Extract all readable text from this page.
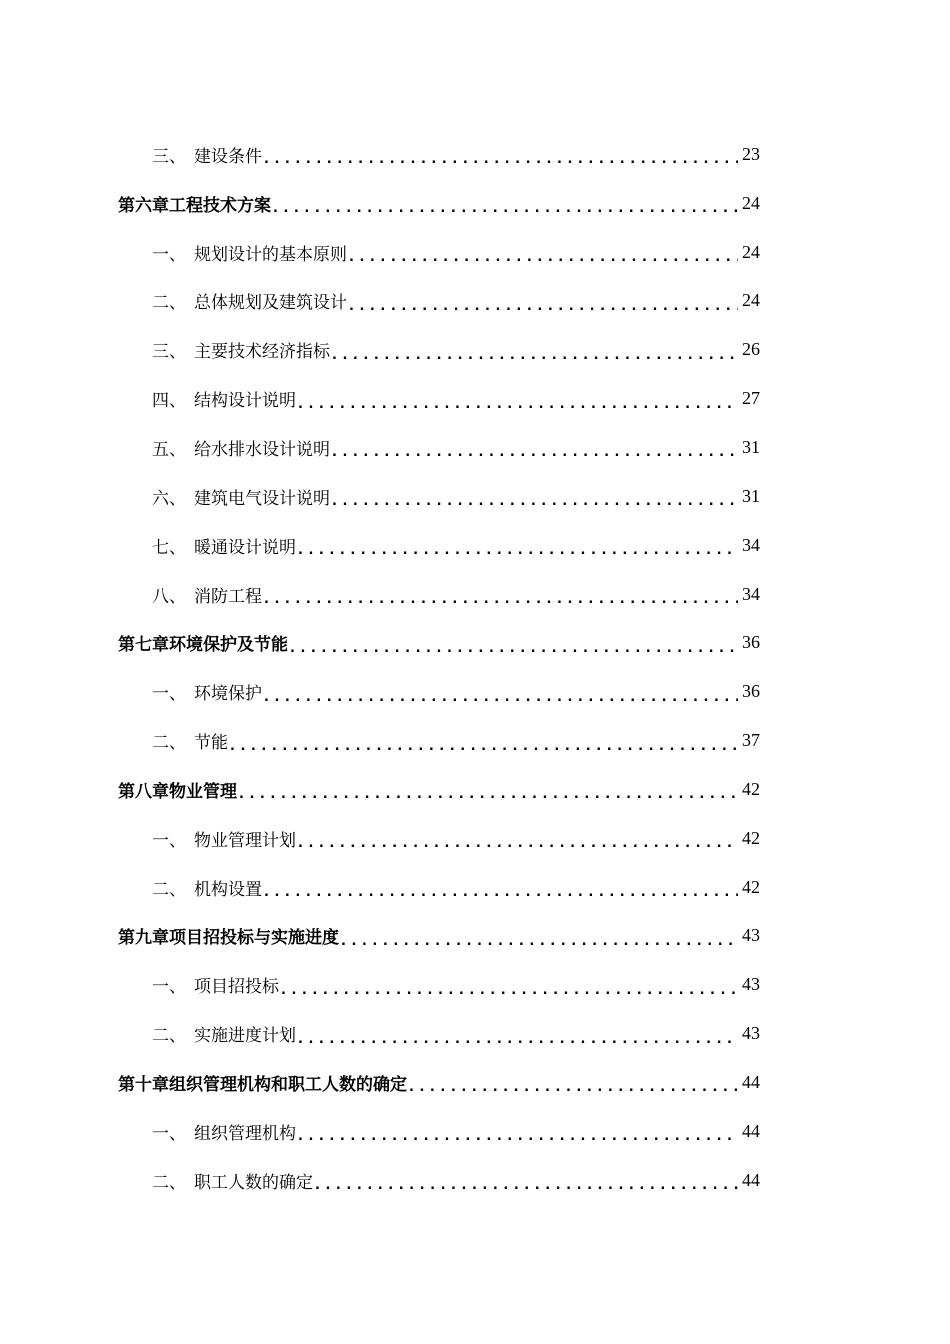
三、 建设条件 . . .	23
第六章工程技术方案 . . .	24
一、 规划设计的基本原则 . . .	24
二、 总体规划及建筑设计 . . .	24
三、 主要技术经济指标 . . .	26
四、 结构设计说明 . . .	27
五、 给水排水设计说明 . . .	31
六、 建筑电气设计说明 . . .	31
七、 暖通设计说明 . . .	34
八、 消防工程 . . .	34
第七章环境保护及节能 . . .	36
一、 环境保护 . . .	36
二、 节能 . . .	37
第八章物业管理 . . .	42
一、 物业管理计划 . . .	42
二、 机构设置 . . .	42
第九章项目招投标与实施进度 . . .	43
一、 项目招投标 . . .	43
二、 实施进度计划 . . .	43
第十章组织管理机构和职工人数的确定 . . .	44
一、 组织管理机构 . . .	44
二、 职工人数的确定 . . .	44
